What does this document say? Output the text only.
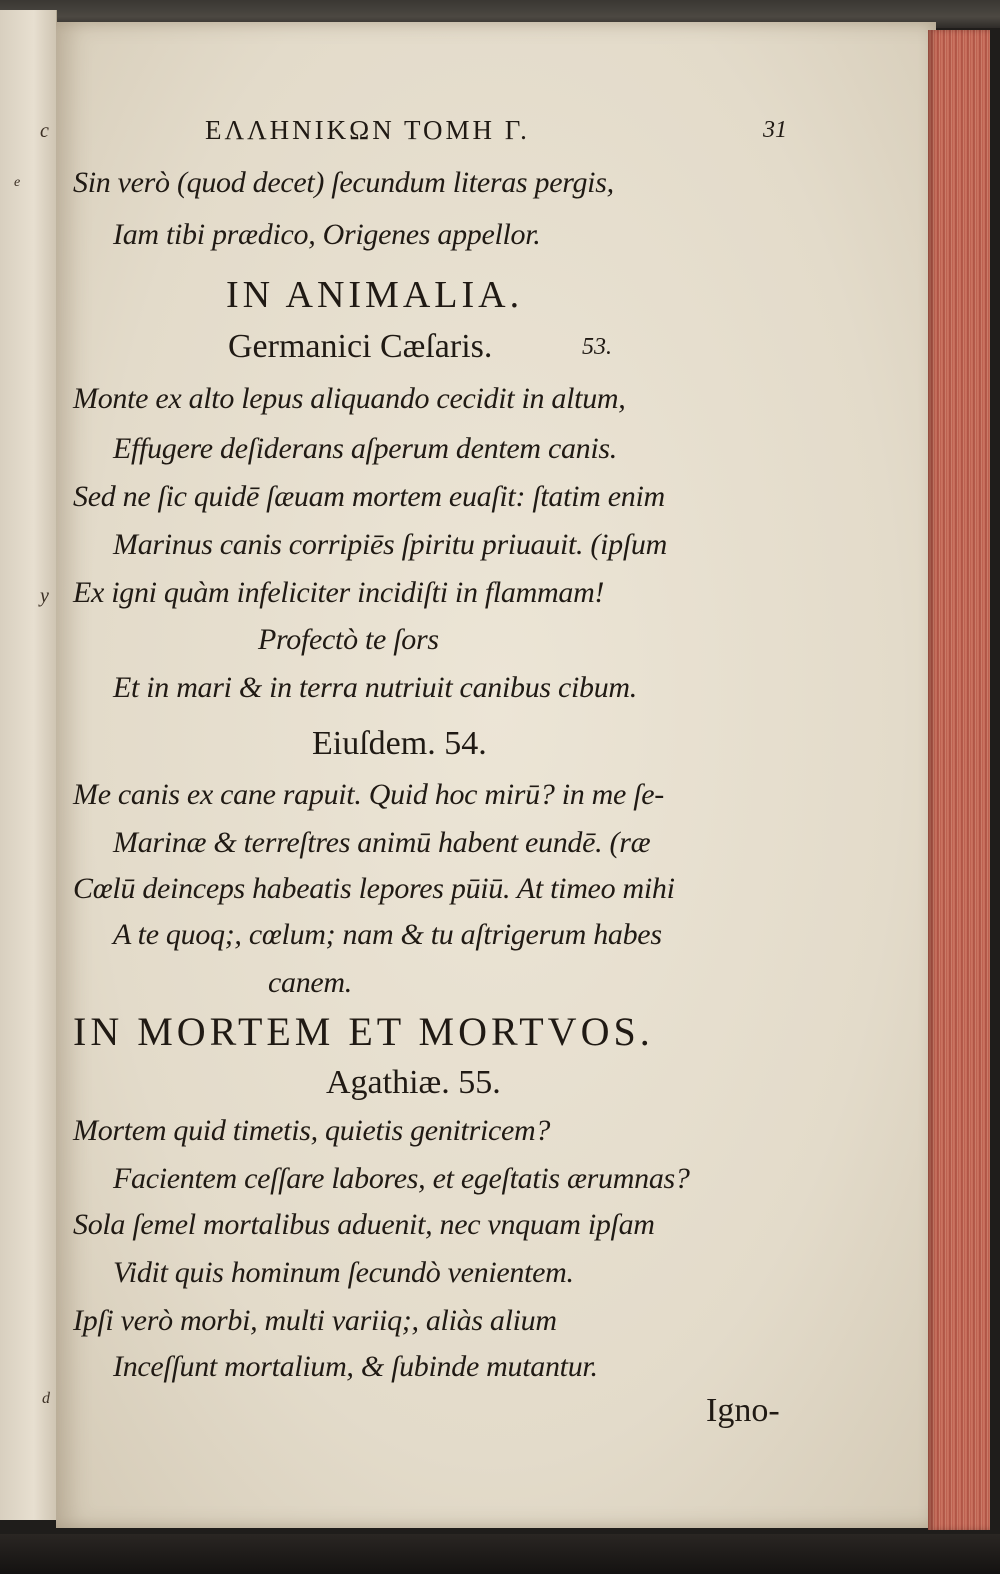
c
e
y
d
ΕΛΛΗΝΙΚΩΝ ΤΟΜΗ Γ.	31
Sin verò (quod decet) ſecundum literas pergis,
Iam tibi prædico, Origenes appellor.
IN ANIMALIA.
Germanici Cæſaris.	53.
Monte ex alto lepus aliquando cecidit in altum,
Effugere deſiderans aſperum dentem canis.
Sed ne ſic quidē ſæuam mortem euaſit: ſtatim enim
Marinus canis corripiēs ſpiritu priuauit. (ipſum
Ex igni quàm infeliciter incidiſti in flammam!
Profectò te ſors
Et in mari & in terra nutriuit canibus cibum.
Eiuſdem. 54.
Me canis ex cane rapuit. Quid hoc mirū? in me ſe-
Marinæ & terreſtres animū habent eundē. (ræ
Cœlū deinceps habeatis lepores pūiū. At timeo mihi
A te quoq;, cœlum; nam & tu aſtrigerum habes
canem.
IN MORTEM ET MORTVOS.
Agathiæ. 55.
Mortem quid timetis, quietis genitricem?
Facientem ceſſare labores, et egeſtatis ærumnas?
Sola ſemel mortalibus aduenit, nec vnquam ipſam
Vidit quis hominum ſecundò venientem.
Ipſi verò morbi, multi variiq;, aliàs alium
Inceſſunt mortalium, & ſubinde mutantur.
Igno-
